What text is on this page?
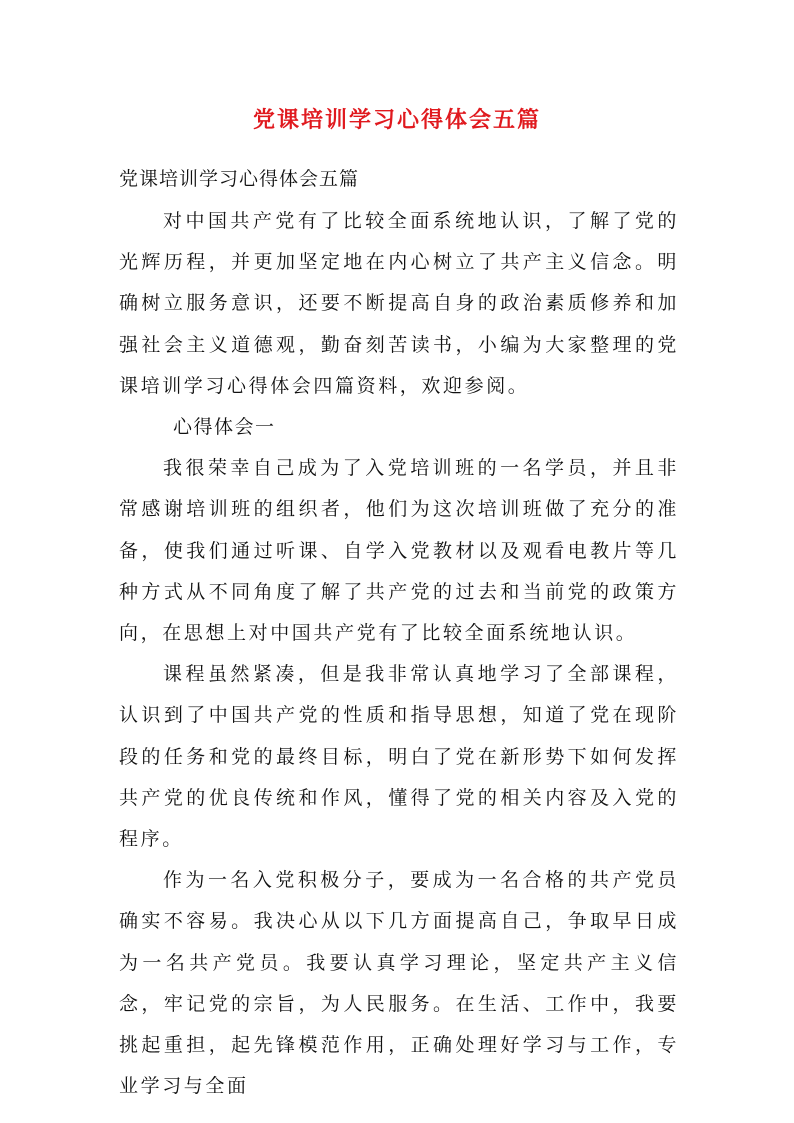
党课培训学习心得体会五篇
党课培训学习心得体会五篇

对中国共产党有了比较全面系统地认识，了解了党的光辉历程，并更加坚定地在内心树立了共产主义信念。明确树立服务意识，还要不断提高自身的政治素质修养和加强社会主义道德观，勤奋刻苦读书，小编为大家整理的党课培训学习心得体会四篇资料，欢迎参阅。

心得体会一

我很荣幸自己成为了入党培训班的一名学员，并且非常感谢培训班的组织者，他们为这次培训班做了充分的准备，使我们通过听课、自学入党教材以及观看电教片等几种方式从不同角度了解了共产党的过去和当前党的政策方向，在思想上对中国共产党有了比较全面系统地认识。

课程虽然紧凑，但是我非常认真地学习了全部课程，认识到了中国共产党的性质和指导思想，知道了党在现阶段的任务和党的最终目标，明白了党在新形势下如何发挥共产党的优良传统和作风，懂得了党的相关内容及入党的程序。

作为一名入党积极分子，要成为一名合格的共产党员确实不容易。我决心从以下几方面提高自己，争取早日成为一名共产党员。我要认真学习理论，坚定共产主义信念，牢记党的宗旨，为人民服务。在生活、工作中，我要挑起重担，起先锋模范作用，正确处理好学习与工作，专业学习与全面
